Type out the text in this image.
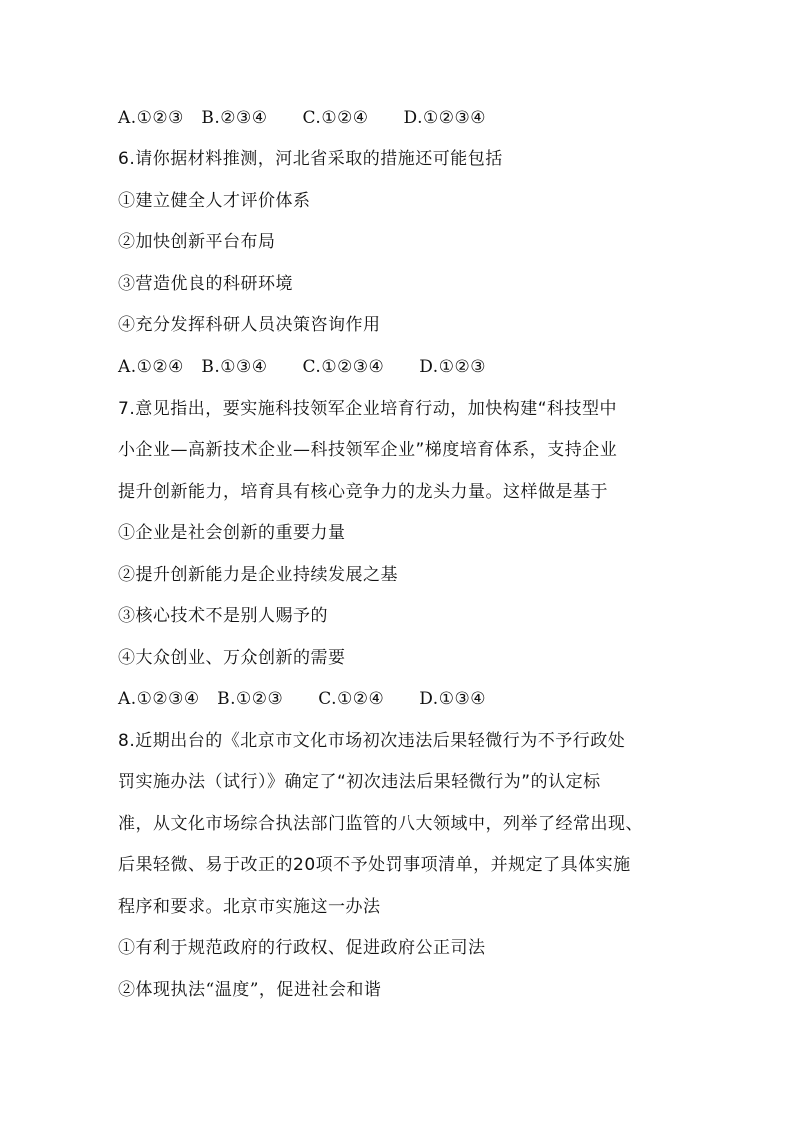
A.①②③　B.②③④　　C.①②④　　D.①②③④
6.请你据材料推测，河北省采取的措施还可能包括
①建立健全人才评价体系
②加快创新平台布局
③营造优良的科研环境
④充分发挥科研人员决策咨询作用
A.①②④　B.①③④　　C.①②③④　　D.①②③
7.意见指出，要实施科技领军企业培育行动，加快构建“科技型中
小企业—高新技术企业—科技领军企业”梯度培育体系，支持企业
提升创新能力，培育具有核心竞争力的龙头力量。这样做是基于
①企业是社会创新的重要力量
②提升创新能力是企业持续发展之基
③核心技术不是别人赐予的
④大众创业、万众创新的需要
A.①②③④　B.①②③　　C.①②④　　D.①③④
8.近期出台的《北京市文化市场初次违法后果轻微行为不予行政处
罚实施办法（试行）》确定了“初次违法后果轻微行为”的认定标
准，从文化市场综合执法部门监管的八大领域中，列举了经常出现、
后果轻微、易于改正的20项不予处罚事项清单，并规定了具体实施
程序和要求。北京市实施这一办法
①有利于规范政府的行政权、促进政府公正司法
②体现执法“温度”，促进社会和谐
